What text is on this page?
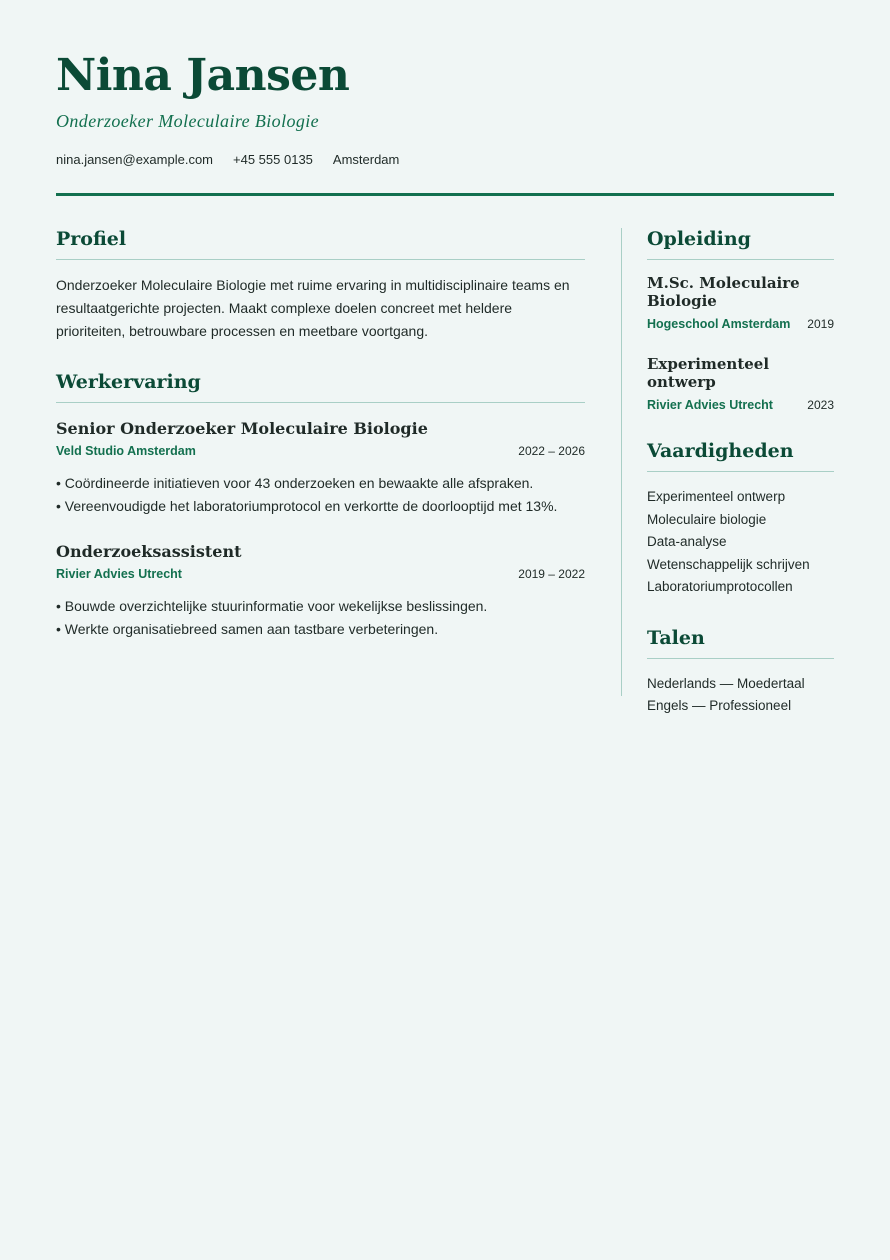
Nina Jansen
Onderzoeker Moleculaire Biologie
nina.jansen@example.com +45 555 0135 Amsterdam
Profiel
Onderzoeker Moleculaire Biologie met ruime ervaring in multidisciplinaire teams en resultaatgerichte projecten. Maakt complexe doelen concreet met heldere prioriteiten, betrouwbare processen en meetbare voortgang.
Werkervaring
Senior Onderzoeker Moleculaire Biologie
Veld Studio Amsterdam	2022 – 2026
• Coördineerde initiatieven voor 43 onderzoeken en bewaakte alle afspraken.
• Vereenvoudigde het laboratoriumprotocol en verkortte de doorlooptijd met 13%.
Onderzoeksassistent
Rivier Advies Utrecht	2019 – 2022
• Bouwde overzichtelijke stuurinformatie voor wekelijkse beslissingen.
• Werkte organisatiebreed samen aan tastbare verbeteringen.
Opleiding
M.Sc. Moleculaire Biologie
Hogeschool Amsterdam 2019
Experimenteel ontwerp
Rivier Advies Utrecht	2023
Vaardigheden
Experimenteel ontwerp
Moleculaire biologie
Data-analyse
Wetenschappelijk schrijven
Laboratoriumprotocollen
Talen
Nederlands — Moedertaal
Engels — Professioneel
